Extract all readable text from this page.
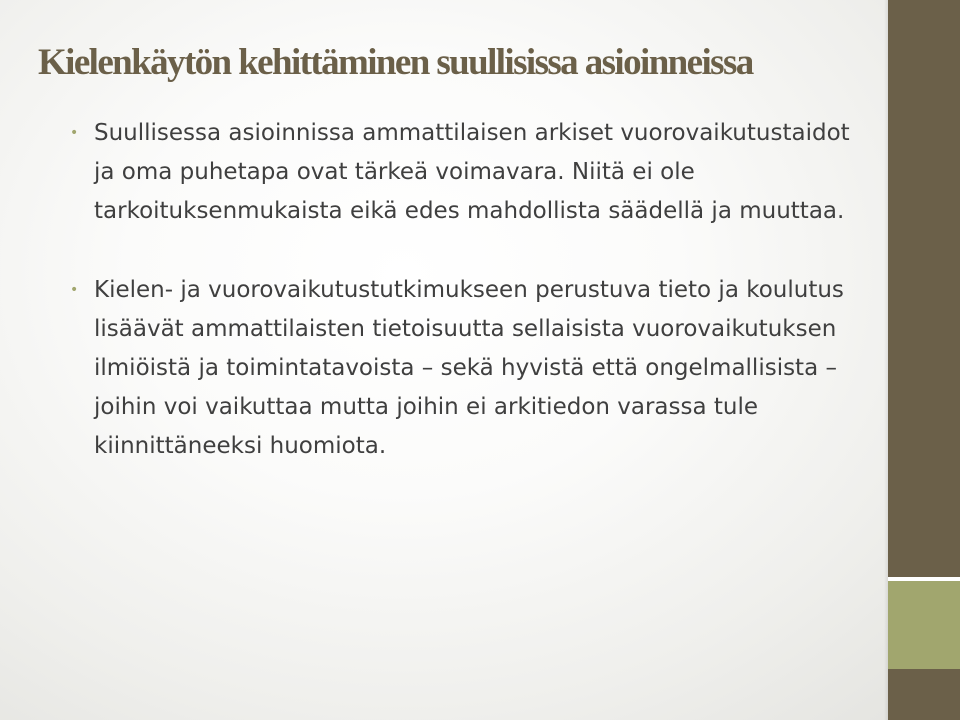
Kielenkäytön kehittäminen suullisissa asioinneissa
• Suullisessa asioinnissa ammattilaisen arkiset vuorovaikutustaidot ja oma puhetapa ovat tärkeä voimavara. Niitä ei ole tarkoituksenmukaista eikä edes mahdollista säädellä ja muuttaa.
• Kielen- ja vuorovaikutustutkimukseen perustuva tieto ja koulutus lisäävät ammattilaisten tietoisuutta sellaisista vuorovaikutuksen ilmiöistä ja toimintatavoista – sekä hyvistä että ongelmallisista – joihin voi vaikuttaa mutta joihin ei arkitiedon varassa tule kiinnittäneeksi huomiota.
